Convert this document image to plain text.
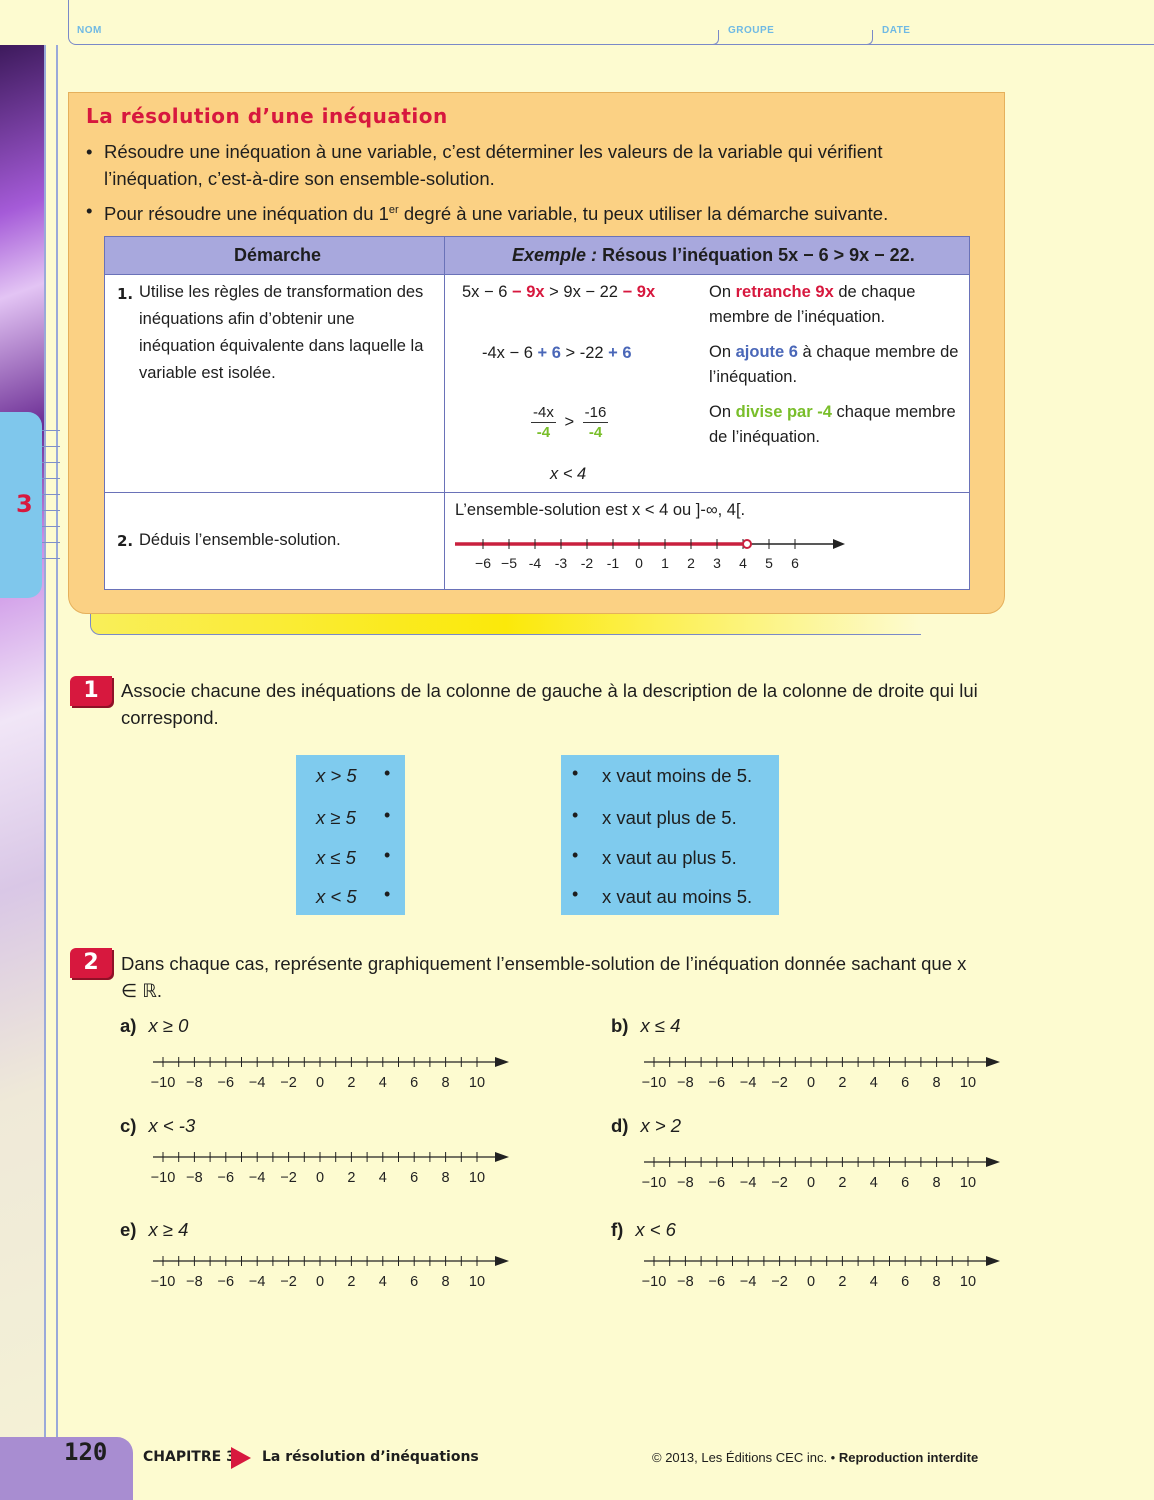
3
NOM	GROUPE	DATE
La résolution d’une inéquation
• Résoudre une inéquation à une variable, c’est déterminer les valeurs de la variable qui vérifient l’inéquation, c’est-à-dire son ensemble-solution.
• Pour résoudre une inéquation du 1er degré à une variable, tu peux utiliser la démarche suivante.
Démarche	Exemple : Résous l’inéquation 5x − 6 > 9x − 22.
1. Utilise les règles de transformation des inéquations afin d’obtenir une inéquation équivalente dans laquelle la variable est isolée.
5x − 6 − 9x > 9x − 22 − 9x	On retranche 9x de chaque membre de l’inéquation.
-4x − 6 + 6 > -22 + 6	On ajoute 6 à chaque membre de l’inéquation.
$\frac{-4x}{-4} > \frac{-16}{-4}$	On divise par -4 chaque membre de l’inéquation.
x < 4
2. Déduis l’ensemble-solution.
L’ensemble-solution est x < 4 ou ]-∞, 4[.
−6 −5 -4 -3 -2 -1 0 1 2 3 4 5 6
1	Associe chacune des inéquations de la colonne de gauche à la description de la colonne de droite qui lui correspond.
x > 5 •
x ≥ 5 •
x ≤ 5 •
x < 5 •
• x vaut moins de 5.
• x vaut plus de 5.
• x vaut au plus 5.
• x vaut au moins 5.
2	Dans chaque cas, représente graphiquement l’ensemble-solution de l’inéquation donnée sachant que x ∈ ℝ.
a) x ≥ 0	b) x ≤ 4
c) x < -3	d) x > 2
e) x ≥ 4	f) x < 6
−10 −8 −6 −4 −2 0 2 4 6 8 10	−10 −8 −6 −4 −2 0 2 4 6 8 10
−10 −8 −6 −4 −2 0 2 4 6 8 10	−10 −8 −6 −4 −2 0 2 4 6 8 10
−10 −8 −6 −4 −2 0 2 4 6 8 10	−10 −8 −6 −4 −2 0 2 4 6 8 10
120	CHAPITRE 3 La résolution d’inéquations	© 2013, Les Éditions CEC inc. • Reproduction interdite
